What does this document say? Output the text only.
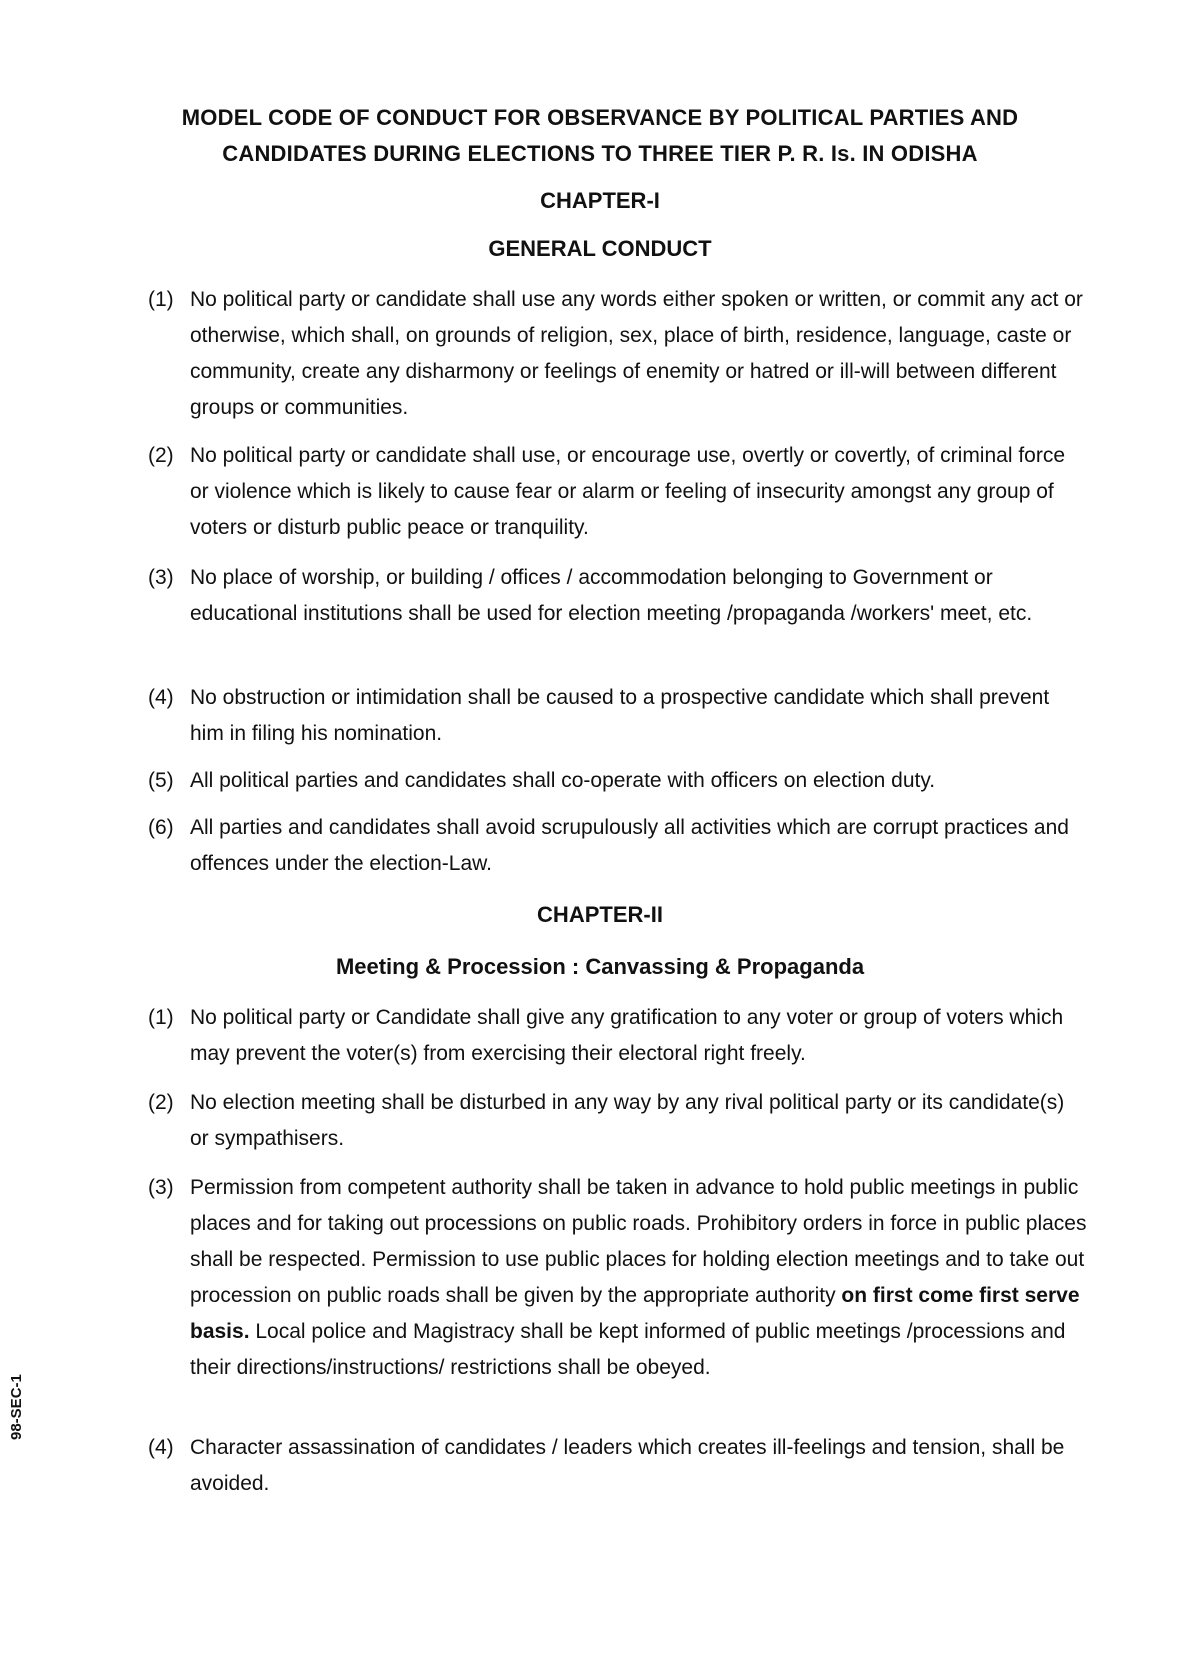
MODEL CODE OF CONDUCT FOR OBSERVANCE BY POLITICAL PARTIES AND
CANDIDATES DURING ELECTIONS TO THREE TIER P. R. Is. IN ODISHA
CHAPTER-I
GENERAL CONDUCT
(1) No political party or candidate shall use any words either spoken or written, or commit any act or otherwise, which shall, on grounds of religion, sex, place of birth, residence, language, caste or community, create any disharmony or feelings of enemity or hatred or ill-will between different groups or communities.
(2) No political party or candidate shall use, or encourage use, overtly or covertly, of criminal force or violence which is likely to cause fear or alarm or feeling of insecurity amongst any group of voters or disturb public peace or tranquility.
(3) No place of worship, or building / offices / accommodation belonging to Government or educational institutions shall be used for election meeting /propaganda /workers' meet, etc.
(4) No obstruction or intimidation shall be caused to a prospective candidate which shall prevent him in filing his nomination.
(5) All political parties and candidates shall co-operate with officers on election duty.
(6) All parties and candidates shall avoid scrupulously all activities which are corrupt practices and offences under the election-Law.
CHAPTER-II
Meeting & Procession : Canvassing & Propaganda
(1) No political party or Candidate shall give any gratification to any voter or group of voters which may prevent the voter(s) from exercising their electoral right freely.
(2) No election meeting shall be disturbed in any way by any rival political party or its candidate(s) or sympathisers.
(3) Permission from competent authority shall be taken in advance to hold public meetings in public places and for taking out processions on public roads. Prohibitory orders in force in public places shall be respected. Permission to use public places for holding election meetings and to take out procession on public roads shall be given by the appropriate authority on first come first serve basis. Local police and Magistracy shall be kept informed of public meetings /processions and their directions/instructions/ restrictions shall be obeyed.
(4) Character assassination of candidates / leaders which creates ill-feelings and tension, shall be avoided.
98-SEC-1
